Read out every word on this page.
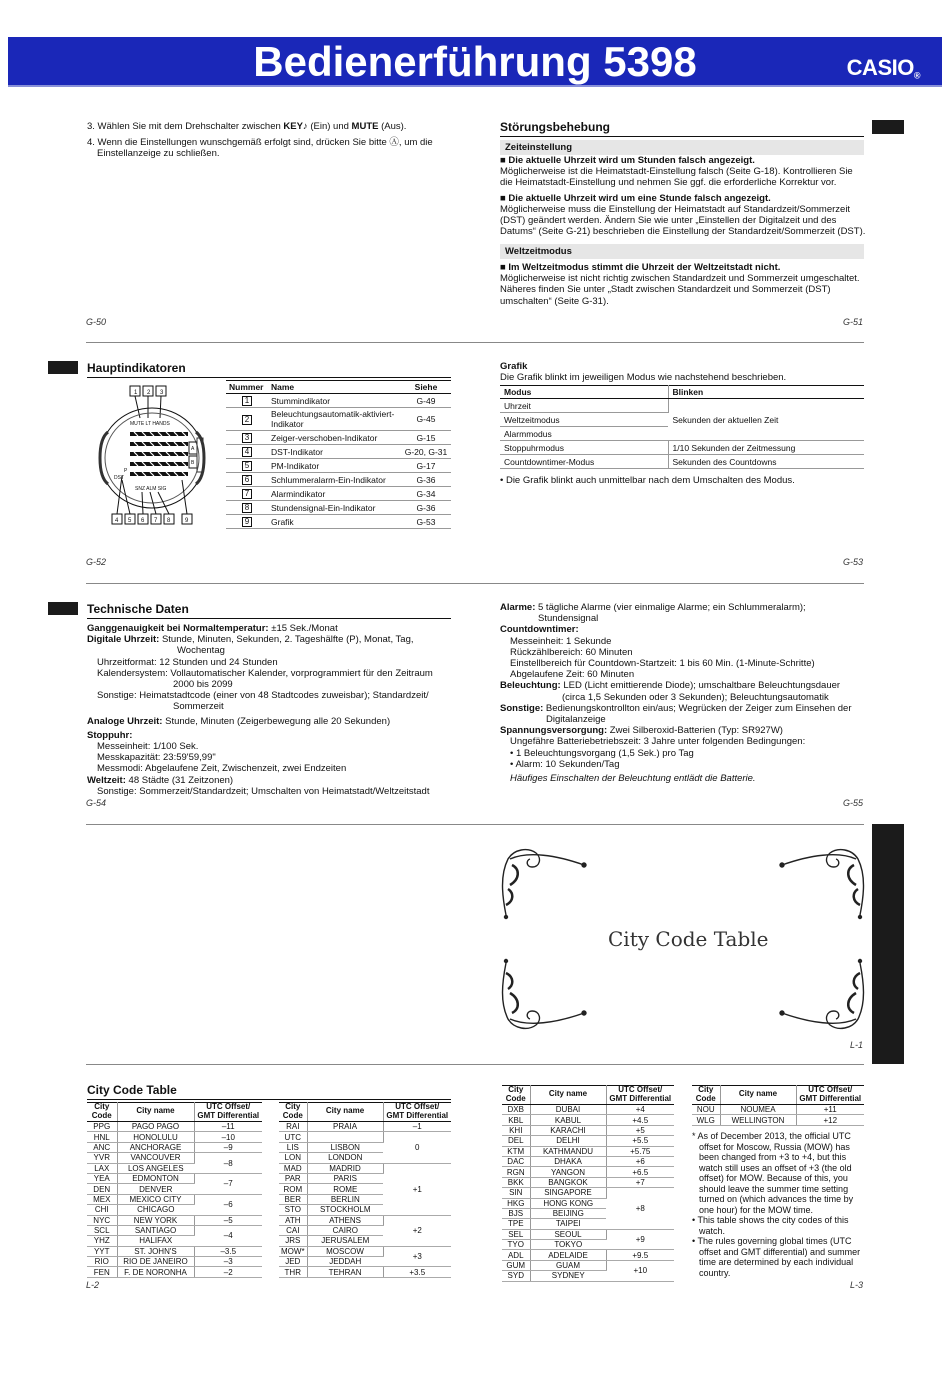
Bedienerführung 5398	CASIO®
3. Wählen Sie mit dem Drehschalter zwischen KEY♪ (Ein) und MUTE (Aus).
4. Wenn die Einstellungen wunschgemäß erfolgt sind, drücken Sie bitte Ⓐ, um die Einstellanzeige zu schließen.
G-50
Störungsbehebung
Zeiteinstellung
■ Die aktuelle Uhrzeit wird um Stunden falsch angezeigt.
Möglicherweise ist die Heimatstadt-Einstellung falsch (Seite G-18). Kontrollieren Sie die Heimatstadt-Einstellung und nehmen Sie ggf. die erforderliche Korrektur vor.
■ Die aktuelle Uhrzeit wird um eine Stunde falsch angezeigt.
Möglicherweise muss die Einstellung der Heimatstadt auf Standardzeit/Sommerzeit (DST) geändert werden. Ändern Sie wie unter „Einstellen der Digitalzeit und des Datums“ (Seite G-21) beschrieben die Einstellung der Standardzeit/Sommerzeit (DST).
Weltzeitmodus
■ Im Weltzeitmodus stimmt die Uhrzeit der Weltzeitstadt nicht.
Möglicherweise ist nicht richtig zwischen Standardzeit und Sommerzeit umgeschaltet. Näheres finden Sie unter „Stadt zwischen Standardzeit und Sommerzeit (DST) umschalten“ (Seite G-31).
G-51
Hauptindikatoren
1 2 3
MUTE LT HANDS
P
DST
SNZ ALM SIG
A
B
4 5 6 7 8 9
Nummer	Name	Siehe
1	Stummindikator	G-49
2	Beleuchtungsautomatik-aktiviert-Indikator	G-45
3	Zeiger-verschoben-Indikator	G-15
4	DST-Indikator	G-20, G-31
5	PM-Indikator	G-17
6	Schlummeralarm-Ein-Indikator	G-36
7	Alarmindikator	G-34
8	Stundensignal-Ein-Indikator	G-36
9	Grafik	G-53
G-52
Grafik
Die Grafik blinkt im jeweiligen Modus wie nachstehend beschrieben.
Modus	Blinken
Uhrzeit	Sekunden der aktuellen Zeit
Weltzeitmodus	
Alarmmodus	
Stoppuhrmodus	1/10 Sekunden der Zeitmessung
Countdowntimer-Modus	Sekunden des Countdowns
• Die Grafik blinkt auch unmittelbar nach dem Umschalten des Modus.
G-53
Technische Daten
Ganggenauigkeit bei Normaltemperatur: ±15 Sek./Monat
Digitale Uhrzeit: Stunde, Minuten, Sekunden, 2. Tageshälfte (P), Monat, Tag,
Wochentag
Uhrzeitformat: 12 Stunden und 24 Stunden
Kalendersystem: Vollautomatischer Kalender, vorprogrammiert für den Zeitraum
2000 bis 2099
Sonstige: Heimatstadtcode (einer von 48 Stadtcodes zuweisbar); Standardzeit/
Sommerzeit
Analoge Uhrzeit: Stunde, Minuten (Zeigerbewegung alle 20 Sekunden)
Stoppuhr:
Messeinheit: 1/100 Sek.
Messkapazität: 23:59'59,99"
Messmodi: Abgelaufene Zeit, Zwischenzeit, zwei Endzeiten
Weltzeit: 48 Städte (31 Zeitzonen)
Sonstige: Sommerzeit/Standardzeit; Umschalten von Heimatstadt/Weltzeitstadt
G-54
Alarme: 5 tägliche Alarme (vier einmalige Alarme; ein Schlummeralarm);
Stundensignal
Countdowntimer:
Messeinheit: 1 Sekunde
Rückzählbereich: 60 Minuten
Einstellbereich für Countdown-Startzeit: 1 bis 60 Min. (1-Minute-Schritte)
Abgelaufene Zeit: 60 Minuten
Beleuchtung: LED (Licht emittierende Diode); umschaltbare Beleuchtungsdauer
(circa 1,5 Sekunden oder 3 Sekunden); Beleuchtungsautomatik
Sonstige: Bedienungskontrollton ein/aus; Wegrücken der Zeiger zum Einsehen der
Digitalanzeige
Spannungsversorgung: Zwei Silberoxid-Batterien (Typ: SR927W)
Ungefähre Batteriebetriebszeit: 3 Jahre unter folgenden Bedingungen:
• 1 Beleuchtungsvorgang (1,5 Sek.) pro Tag
• Alarm: 10 Sekunden/Tag
Häufiges Einschalten der Beleuchtung entlädt die Batterie.
G-55
City Code Table
L-1
City Code Table
City Code	City name	UTC Offset/ GMT Differential
PPG	PAGO PAGO	–11
HNL	HONOLULU	–10
ANC	ANCHORAGE	–9
YVR	VANCOUVER	–8
LAX	LOS ANGELES	
YEA	EDMONTON	–7
DEN	DENVER	
MEX	MEXICO CITY	–6
CHI	CHICAGO	
NYC	NEW YORK	–5
SCL	SANTIAGO	–4
YHZ	HALIFAX	
YYT	ST. JOHN'S	–3.5
RIO	RIO DE JANEIRO	–3
FEN	F. DE NORONHA	–2
City Code	City name	UTC Offset/ GMT Differential
RAI	PRAIA	–1
UTC		0
LIS	LISBON	
LON	LONDON	
MAD	MADRID	+1
PAR	PARIS	
ROM	ROME	
BER	BERLIN	
STO	STOCKHOLM	
ATH	ATHENS	+2
CAI	CAIRO	
JRS	JERUSALEM	
MOW*	MOSCOW	+3
JED	JEDDAH	
THR	TEHRAN	+3.5
L-2
City Code	City name	UTC Offset/ GMT Differential
DXB	DUBAI	+4
KBL	KABUL	+4.5
KHI	KARACHI	+5
DEL	DELHI	+5.5
KTM	KATHMANDU	+5.75
DAC	DHAKA	+6
RGN	YANGON	+6.5
BKK	BANGKOK	+7
SIN	SINGAPORE	+8
HKG	HONG KONG	
BJS	BEIJING	
TPE	TAIPEI	
SEL	SEOUL	+9
TYO	TOKYO	
ADL	ADELAIDE	+9.5
GUM	GUAM	+10
SYD	SYDNEY	
City Code	City name	UTC Offset/ GMT Differential
NOU	NOUMEA	+11
WLG	WELLINGTON	+12
* As of December 2013, the official UTC offset for Moscow, Russia (MOW) has been changed from +3 to +4, but this watch still uses an offset of +3 (the old offset) for MOW. Because of this, you should leave the summer time setting turned on (which advances the time by one hour) for the MOW time.
• This table shows the city codes of this watch.
• The rules governing global times (UTC offset and GMT differential) and summer time are determined by each individual country.
L-3
